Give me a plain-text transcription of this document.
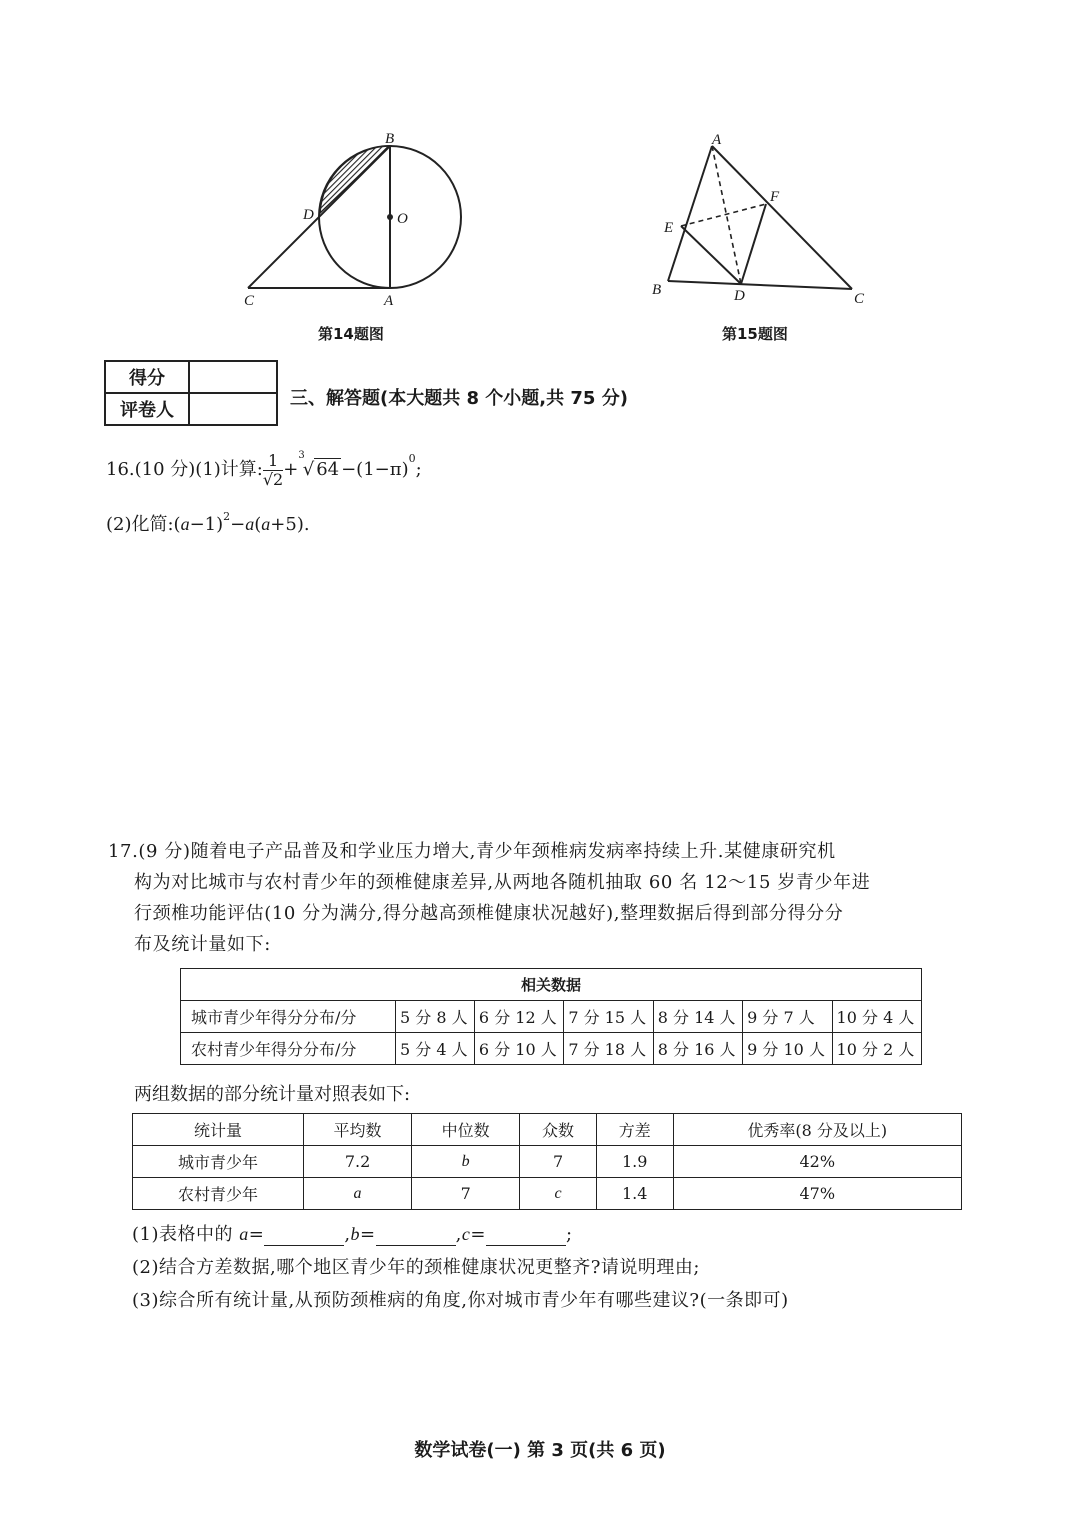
B
O
D
C	A
第14题图
A
F
E
B	D	C
第15题图
得分	
评卷人	
三、解答题(本大题共 8 个小题,共 75 分)
16.(10 分)(1)计算: $\frac{1}{√2} +^3√$ $64 -(1-\pi)^0$;
(2)化简$:(a-1)^2-a(a+5)$.
17.(9 分)随着电子产品普及和学业压力增大,青少年颈椎病发病率持续上升.某健康研究机
构为对比城市与农村青少年的颈椎健康差异,从两地各随机抽取 60 名 12～15 岁青少年进
行颈椎功能评估(10 分为满分,得分越高颈椎健康状况越好),整理数据后得到部分得分分
布及统计量如下:
相关数据						
城市青少年得分分布/分	5 分 8 人	6 分 12 人	7 分 15 人	8 分 14 人	9 分 7 人	10 分 4 人
农村青少年得分分布/分	5 分 4 人	6 分 10 人	7 分 18 人	8 分 16 人	9 分 10 人	10 分 2 人
两组数据的部分统计量对照表如下:
统计量	平均数	中位数	众数	方差	优秀率(8 分及以上)
城市青少年	7.2	b	7	1.9	42%
农村青少年	a	7	c	1.4	47%
(1)表格中的 a=	,b=	,c=	;
(2)结合方差数据,哪个地区青少年的颈椎健康状况更整齐?请说明理由;
(3)综合所有统计量,从预防颈椎病的角度,你对城市青少年有哪些建议?(一条即可)
数学试卷(一) 第 3 页(共 6 页)
